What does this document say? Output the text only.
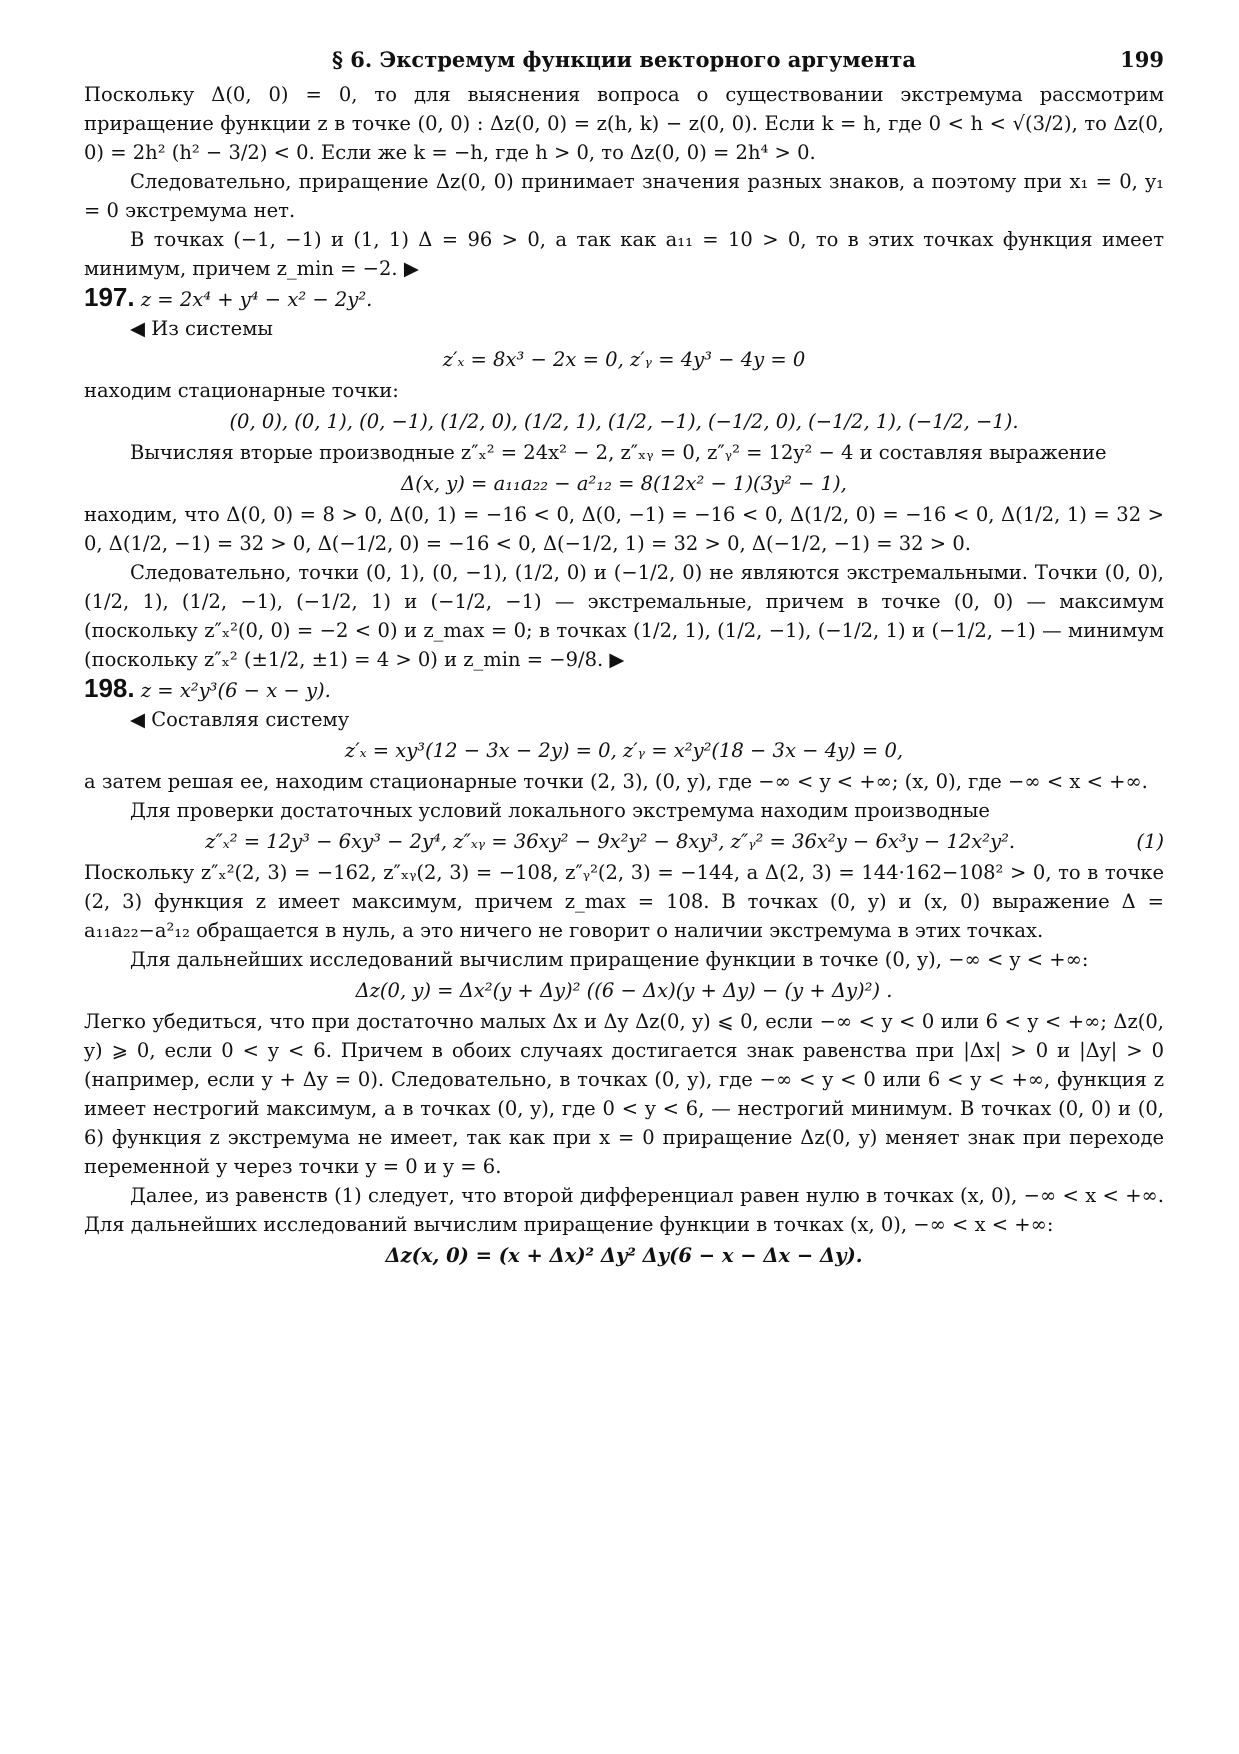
§ 6. Экстремум функции векторного аргумента	199

Поскольку Δ(0, 0) = 0, то для выяснения вопроса о существовании экстремума рассмотрим приращение функции z в точке (0, 0) : Δz(0, 0) = z(h, k) − z(0, 0). Если k = h, где 0 < h < √(3/2), то Δz(0, 0) = 2h² (h² − 3/2) < 0. Если же k = −h, где h > 0, то Δz(0, 0) = 2h⁴ > 0.

Следовательно, приращение Δz(0, 0) принимает значения разных знаков, а поэтому при x₁ = 0, y₁ = 0 экстремума нет.

В точках (−1, −1) и (1, 1) Δ = 96 > 0, а так как a₁₁ = 10 > 0, то в этих точках функция имеет минимум, причем z_min = −2. ▶

197. z = 2x⁴ + y⁴ − x² − 2y².

◀ Из системы

z′ₓ = 8x³ − 2x = 0, z′ᵧ = 4y³ − 4y = 0

находим стационарные точки:

(0, 0), (0, 1), (0, −1), (1/2, 0), (1/2, 1), (1/2, −1), (−1/2, 0), (−1/2, 1), (−1/2, −1).

Вычисляя вторые производные z″ₓ² = 24x² − 2, z″ₓᵧ = 0, z″ᵧ² = 12y² − 4 и составляя выражение

Δ(x, y) = a₁₁a₂₂ − a²₁₂ = 8(12x² − 1)(3y² − 1),

находим, что Δ(0, 0) = 8 > 0, Δ(0, 1) = −16 < 0, Δ(0, −1) = −16 < 0, Δ(1/2, 0) = −16 < 0, Δ(1/2, 1) = 32 > 0, Δ(1/2, −1) = 32 > 0, Δ(−1/2, 0) = −16 < 0, Δ(−1/2, 1) = 32 > 0, Δ(−1/2, −1) = 32 > 0.

Следовательно, точки (0, 1), (0, −1), (1/2, 0) и (−1/2, 0) не являются экстремальными. Точки (0, 0), (1/2, 1), (1/2, −1), (−1/2, 1) и (−1/2, −1) — экстремальные, причем в точке (0, 0) — максимум (поскольку z″ₓ²(0, 0) = −2 < 0) и z_max = 0; в точках (1/2, 1), (1/2, −1), (−1/2, 1) и (−1/2, −1) — минимум (поскольку z″ₓ² (±1/2, ±1) = 4 > 0) и z_min = −9/8. ▶

198. z = x²y³(6 − x − y).

◀ Составляя систему

z′ₓ = xy³(12 − 3x − 2y) = 0, z′ᵧ = x²y²(18 − 3x − 4y) = 0,

а затем решая ее, находим стационарные точки (2, 3), (0, y), где −∞ < y < +∞; (x, 0), где −∞ < x < +∞.

Для проверки достаточных условий локального экстремума находим производные

z″ₓ² = 12y³ − 6xy³ − 2y⁴, z″ₓᵧ = 36xy² − 9x²y² − 8xy³, z″ᵧ² = 36x²y − 6x³y − 12x²y².	(1)

Поскольку z″ₓ²(2, 3) = −162, z″ₓᵧ(2, 3) = −108, z″ᵧ²(2, 3) = −144, а Δ(2, 3) = 144·162−108² > 0, то в точке (2, 3) функция z имеет максимум, причем z_max = 108. В точках (0, y) и (x, 0) выражение Δ = a₁₁a₂₂−a²₁₂ обращается в нуль, а это ничего не говорит о наличии экстремума в этих точках.

Для дальнейших исследований вычислим приращение функции в точке (0, y), −∞ < y < +∞:

Δz(0, y) = Δx²(y + Δy)² ((6 − Δx)(y + Δy) − (y + Δy)²) .

Легко убедиться, что при достаточно малых Δx и Δy Δz(0, y) ⩽ 0, если −∞ < y < 0 или 6 < y < +∞; Δz(0, y) ⩾ 0, если 0 < y < 6. Причем в обоих случаях достигается знак равенства при |Δx| > 0 и |Δy| > 0 (например, если y + Δy = 0). Следовательно, в точках (0, y), где −∞ < y < 0 или 6 < y < +∞, функция z имеет нестрогий максимум, а в точках (0, y), где 0 < y < 6, — нестрогий минимум. В точках (0, 0) и (0, 6) функция z экстремума не имеет, так как при x = 0 приращение Δz(0, y) меняет знак при переходе переменной y через точки y = 0 и y = 6.

Далее, из равенств (1) следует, что второй дифференциал равен нулю в точках (x, 0), −∞ < x < +∞. Для дальнейших исследований вычислим приращение функции в точках (x, 0), −∞ < x < +∞:

Δz(x, 0) = (x + Δx)² Δy² Δy(6 − x − Δx − Δy).
